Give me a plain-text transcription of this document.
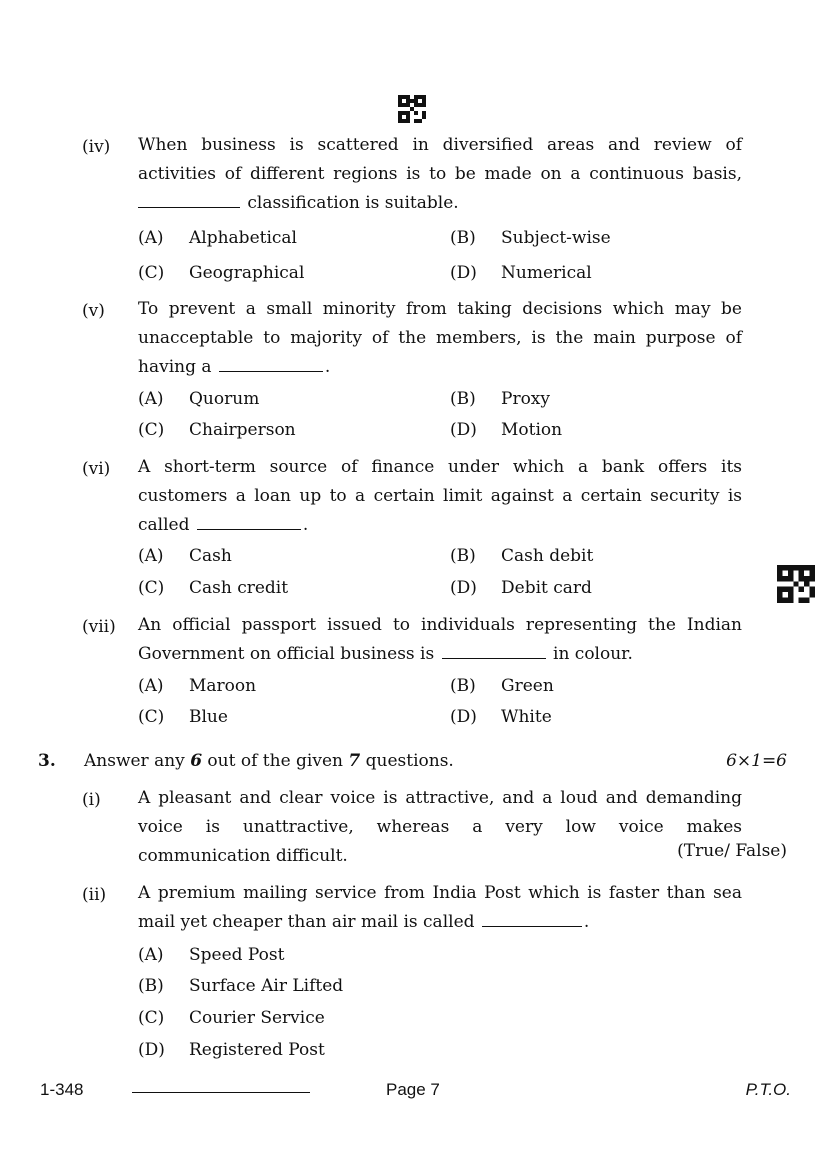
(iv) When business is scattered in diversified areas and review of
activities of different regions is to be made on a continuous basis,
classification is suitable.
(A) Alphabetical	(B) Subject-wise
(C) Geographical	(D) Numerical
(v) To prevent a small minority from taking decisions which may be
unacceptable to majority of the members, is the main purpose of
having a	.
(A) Quorum	(B) Proxy
(C) Chairperson	(D) Motion
(vi) A short-term source of finance under which a bank offers its
customers a loan up to a certain limit against a certain security is
called	.
(A) Cash	(B) Cash debit
(C) Cash credit	(D) Debit card
(vii) An official passport issued to individuals representing the Indian
Government on official business is	in colour.
(A) Maroon	(B) Green
(C) Blue	(D) White
3. Answer any 6 out of the given 7 questions.	6×1=6
(i) A pleasant and clear voice is attractive, and a loud and demanding
voice is unattractive, whereas a very low voice makes
communication difficult.	(True/ False)
(ii) A premium mailing service from India Post which is faster than sea
mail yet cheaper than air mail is called	.
(A) Speed Post
(B) Surface Air Lifted
(C) Courier Service
(D) Registered Post
1-348	Page 7	P.T.O.
